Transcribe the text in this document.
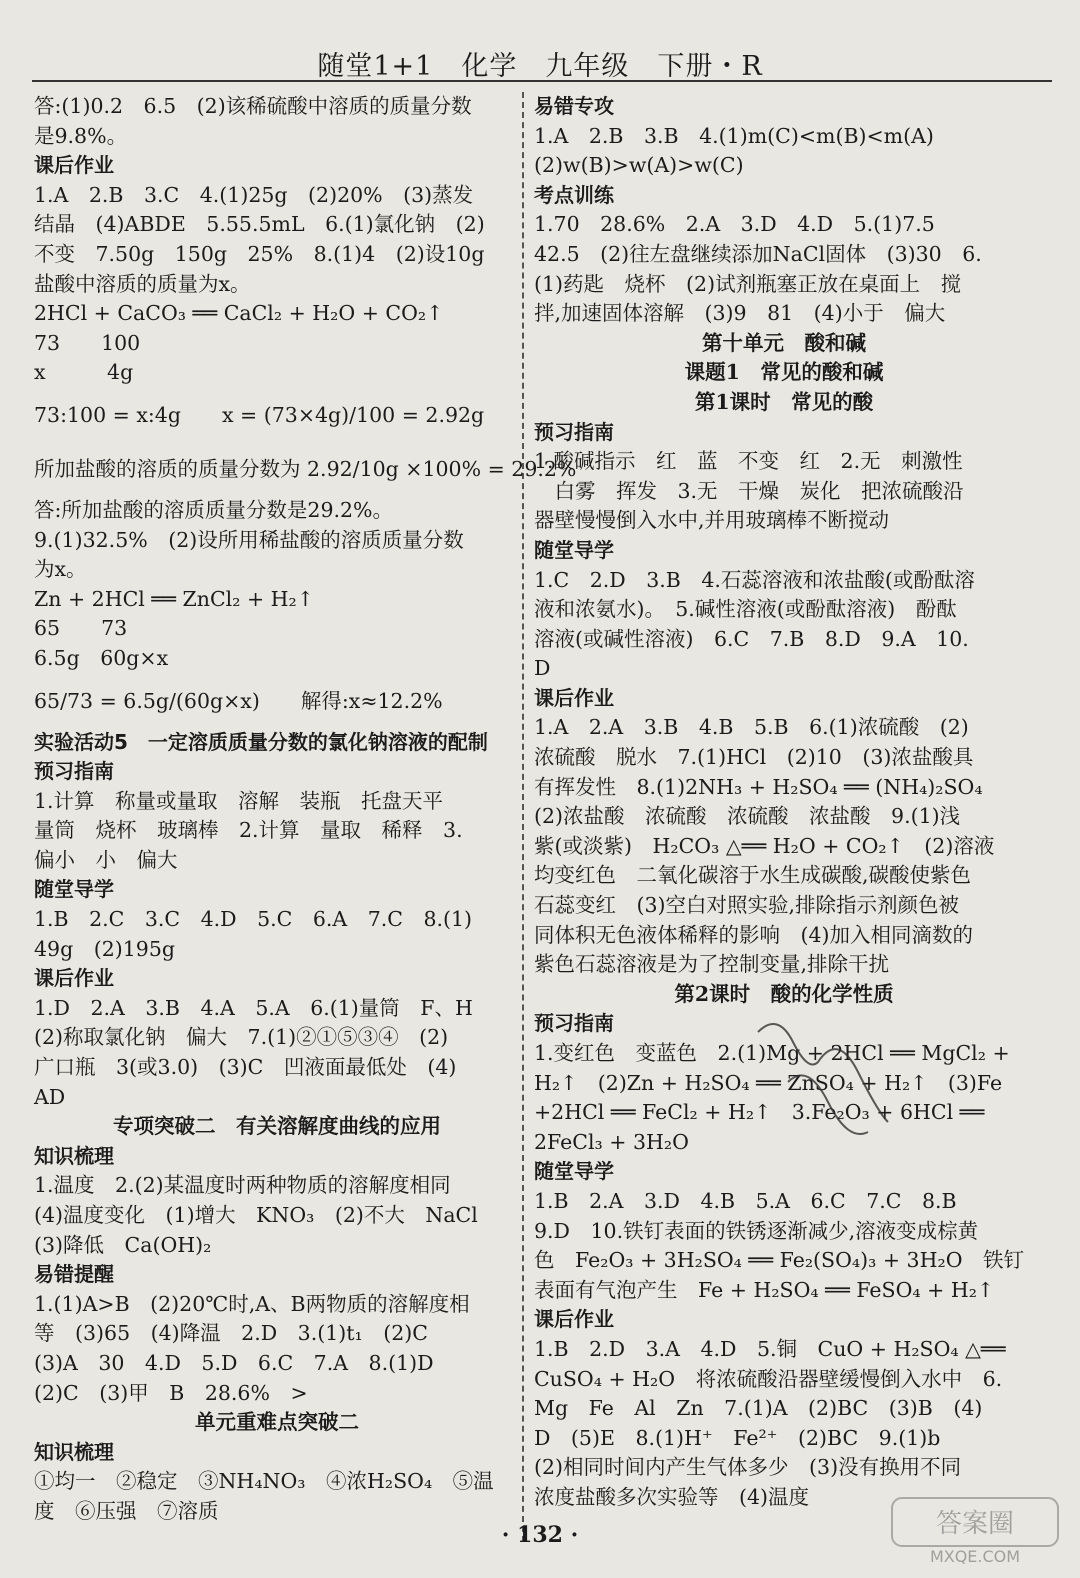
随堂1+1　化学　九年级　下册・R
答:(1)0.2　6.5　(2)该稀硫酸中溶质的质量分数
是9.8%。
课后作业
1.A　2.B　3.C　4.(1)25g　(2)20%　(3)蒸发
结晶　(4)ABDE　5.55.5mL　6.(1)氯化钠　(2)
不变　7.50g　150g　25%　8.(1)4　(2)设10g
盐酸中溶质的质量为x。
2HCl + CaCO₃ ══ CaCl₂ + H₂O + CO₂↑
73　　100
x　　　4g
73:100 = x:4g　　x = (73×4g)/100 = 2.92g
所加盐酸的溶质的质量分数为 2.92/10g ×100% = 29.2%
答:所加盐酸的溶质质量分数是29.2%。
9.(1)32.5%　(2)设所用稀盐酸的溶质质量分数
为x。
Zn + 2HCl ══ ZnCl₂ + H₂↑
65　　73
6.5g　60g×x
65/73 = 6.5g/(60g×x)　　解得:x≈12.2%
实验活动5　一定溶质质量分数的氯化钠溶液的配制
预习指南
1.计算　称量或量取　溶解　装瓶　托盘天平
量筒　烧杯　玻璃棒　2.计算　量取　稀释　3.
偏小　小　偏大
随堂导学
1.B　2.C　3.C　4.D　5.C　6.A　7.C　8.(1)
49g　(2)195g
课后作业
1.D　2.A　3.B　4.A　5.A　6.(1)量筒　F、H
(2)称取氯化钠　偏大　7.(1)②①⑤③④　(2)
广口瓶　3(或3.0)　(3)C　凹液面最低处　(4)
AD
专项突破二　有关溶解度曲线的应用
知识梳理
1.温度　2.(2)某温度时两种物质的溶解度相同
(4)温度变化　(1)增大　KNO₃　(2)不大　NaCl
(3)降低　Ca(OH)₂
易错提醒
1.(1)A>B　(2)20℃时,A、B两物质的溶解度相
等　(3)65　(4)降温　2.D　3.(1)t₁　(2)C
(3)A　30　4.D　5.D　6.C　7.A　8.(1)D
(2)C　(3)甲　B　28.6%　>
单元重难点突破二
知识梳理
①均一　②稳定　③NH₄NO₃　④浓H₂SO₄　⑤温
度　⑥压强　⑦溶质
易错专攻
1.A　2.B　3.B　4.(1)m(C)<m(B)<m(A)
(2)w(B)>w(A)>w(C)
考点训练
1.70　28.6%　2.A　3.D　4.D　5.(1)7.5
42.5　(2)往左盘继续添加NaCl固体　(3)30　6.
(1)药匙　烧杯　(2)试剂瓶塞正放在桌面上　搅
拌,加速固体溶解　(3)9　81　(4)小于　偏大
第十单元　酸和碱
课题1　常见的酸和碱
第1课时　常见的酸
预习指南
1.酸碱指示　红　蓝　不变　红　2.无　刺激性
　白雾　挥发　3.无　干燥　炭化　把浓硫酸沿
器壁慢慢倒入水中,并用玻璃棒不断搅动
随堂导学
1.C　2.D　3.B　4.石蕊溶液和浓盐酸(或酚酞溶
液和浓氨水)。　5.碱性溶液(或酚酞溶液)　酚酞
溶液(或碱性溶液)　6.C　7.B　8.D　9.A　10.
D
课后作业
1.A　2.A　3.B　4.B　5.B　6.(1)浓硫酸　(2)
浓硫酸　脱水　7.(1)HCl　(2)10　(3)浓盐酸具
有挥发性　8.(1)2NH₃ + H₂SO₄ ══ (NH₄)₂SO₄
(2)浓盐酸　浓硫酸　浓硫酸　浓盐酸　9.(1)浅
紫(或淡紫)　H₂CO₃ △══ H₂O + CO₂↑　(2)溶液
均变红色　二氧化碳溶于水生成碳酸,碳酸使紫色
石蕊变红　(3)空白对照实验,排除指示剂颜色被
同体积无色液体稀释的影响　(4)加入相同滴数的
紫色石蕊溶液是为了控制变量,排除干扰
第2课时　酸的化学性质
预习指南
1.变红色　变蓝色　2.(1)Mg + 2HCl ══ MgCl₂ +
H₂↑　(2)Zn + H₂SO₄ ══ ZnSO₄ + H₂↑　(3)Fe
+2HCl ══ FeCl₂ + H₂↑　3.Fe₂O₃ + 6HCl ══
2FeCl₃ + 3H₂O
随堂导学
1.B　2.A　3.D　4.B　5.A　6.C　7.C　8.B
9.D　10.铁钉表面的铁锈逐渐减少,溶液变成棕黄
色　Fe₂O₃ + 3H₂SO₄ ══ Fe₂(SO₄)₃ + 3H₂O　铁钉
表面有气泡产生　Fe + H₂SO₄ ══ FeSO₄ + H₂↑
课后作业
1.B　2.D　3.A　4.D　5.铜　CuO + H₂SO₄ △══
CuSO₄ + H₂O　将浓硫酸沿器壁缓慢倒入水中　6.
Mg　Fe　Al　Zn　7.(1)A　(2)BC　(3)B　(4)
D　(5)E　8.(1)H⁺　Fe²⁺　(2)BC　9.(1)b
(2)相同时间内产生气体多少　(3)没有换用不同
浓度盐酸多次实验等　(4)温度
· 132 ·	答案圈
MXQE.COM
